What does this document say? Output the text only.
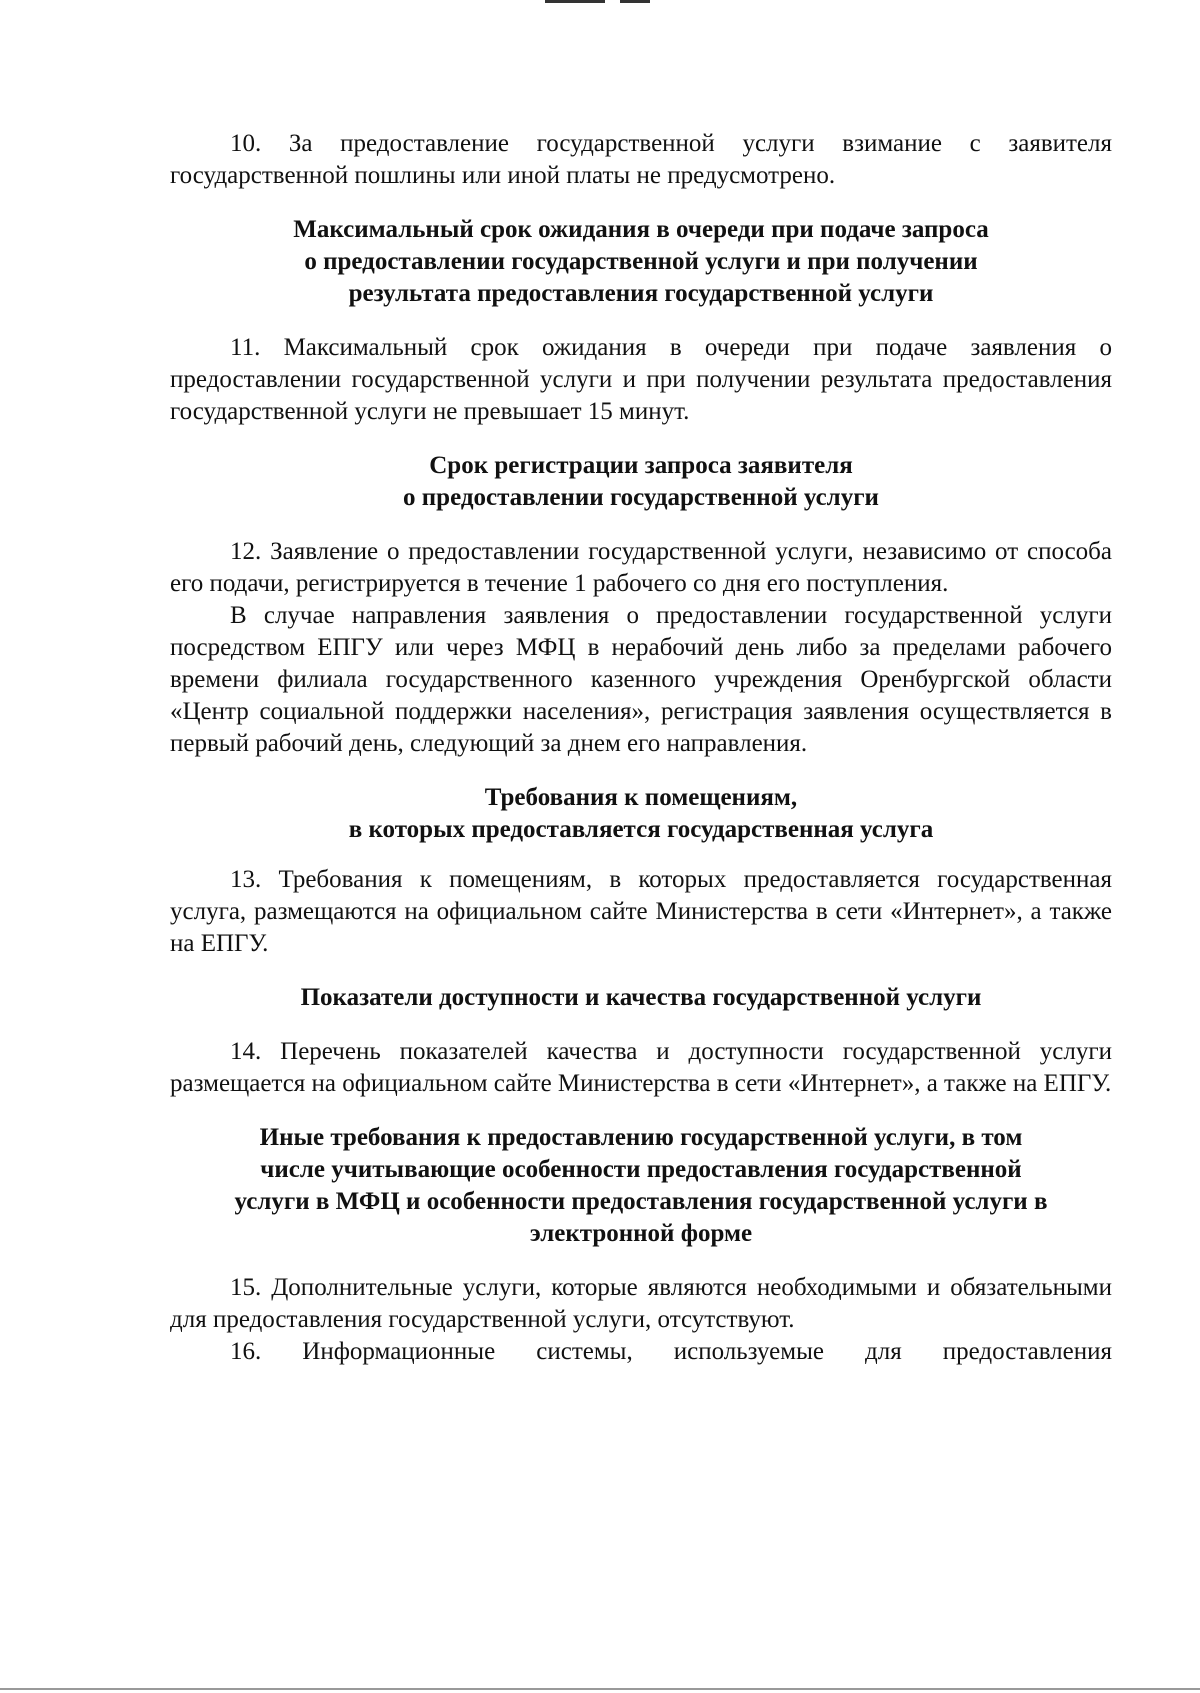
10. За предоставление государственной услуги взимание с заявителя государственной пошлины или иной платы не предусмотрено.

Максимальный срок ожидания в очереди при подаче запроса
о предоставлении государственной услуги и при получении
результата предоставления государственной услуги

11. Максимальный срок ожидания в очереди при подаче заявления о предоставлении государственной услуги и при получении результата предоставления государственной услуги не превышает 15 минут.

Срок регистрации запроса заявителя
о предоставлении государственной услуги

12. Заявление о предоставлении государственной услуги, независимо от способа его подачи, регистрируется в течение 1 рабочего со дня его поступления.

В случае направления заявления о предоставлении государственной услуги посредством ЕПГУ или через МФЦ в нерабочий день либо за пределами рабочего времени филиала государственного казенного учреждения Оренбургской области «Центр социальной поддержки населения», регистрация заявления осуществляется в первый рабочий день, следующий за днем его направления.

Требования к помещениям,
в которых предоставляется государственная услуга

13. Требования к помещениям, в которых предоставляется государственная услуга, размещаются на официальном сайте Министерства в сети «Интернет», а также на ЕПГУ.

Показатели доступности и качества государственной услуги

14. Перечень показателей качества и доступности государственной услуги размещается на официальном сайте Министерства в сети «Интернет», а также на ЕПГУ.

Иные требования к предоставлению государственной услуги, в том
числе учитывающие особенности предоставления государственной
услуги в МФЦ и особенности предоставления государственной услуги в
электронной форме

15. Дополнительные услуги, которые являются необходимыми и обязательными для предоставления государственной услуги, отсутствуют.

16. Информационные системы, используемые для предоставления
